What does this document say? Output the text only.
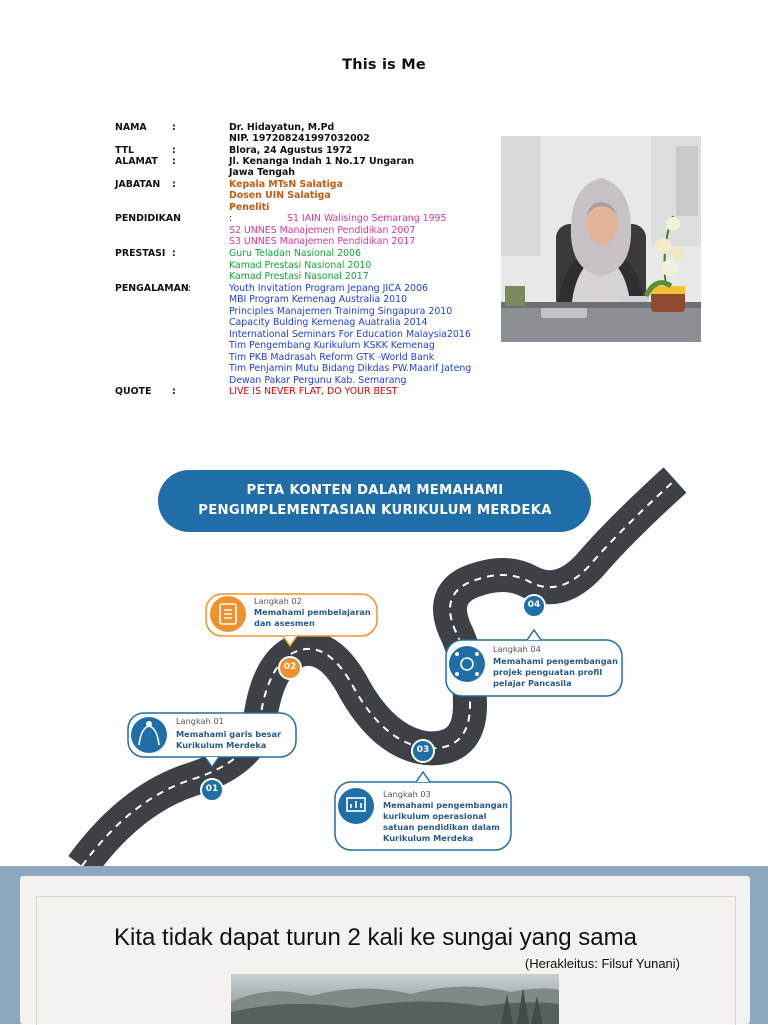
This is Me
NAMA	:	Dr. Hidayatun, M.Pd
NIP. 197208241997032002
TTL	:	Blora, 24 Agustus 1972
ALAMAT :	Jl. Kenanga Indah 1 No.17 Ungaran
Jawa Tengah
JABATAN :	Kepala MTsN Salatiga
Dosen UIN Salatiga
Peneliti
PENDIDIKAN	:	S1 IAIN Walisingo Semarang 1995
S2 UNNES Manajemen Pendidikan 2007
S3 UNNES Manajemen Pendidikan 2017
PRESTASI :	Guru Teladan Nasional 2006
Kamad Prestasi Nasional 2010
Kamad Prestasi Nasonal 2017
PENGALAMAN :	Youth Invitation Program Jepang JICA 2006
MBI Program Kemenag Australia 2010
Principles Manajemen Trainimg Singapura 2010
Capacity Bulding Kemenag Auatralia 2014
International Seminars For Education Malaysia2016
Tim Pengembang Kurikulum KSKK Kemenag
Tim PKB Madrasah Reform GTK -World Bank
Tim Penjamin Mutu Bidang Dikdas PW.Maarif Jateng
Dewan Pakar Pergunu Kab. Semarang
QUOTE :	LIVE IS NEVER FLAT, DO YOUR BEST
01
02
03
04
PETA KONTEN DALAM MEMAHAMI
PENGIMPLEMENTASIAN KURIKULUM MERDEKA
Langkah 02
Memahami pembelajaran
dan asesmen
Langkah 01
Memahami garis besar
Kurikulum Merdeka
Langkah 04
Memahami pengembangan
projek penguatan profil
pelajar Pancasila
Langkah 03
Memahami pengembangan
kurikulum operasional
satuan pendidikan dalam
Kurikulum Merdeka
Kita tidak dapat turun 2 kali ke sungai yang sama
(Herakleitus: Filsuf Yunani)
